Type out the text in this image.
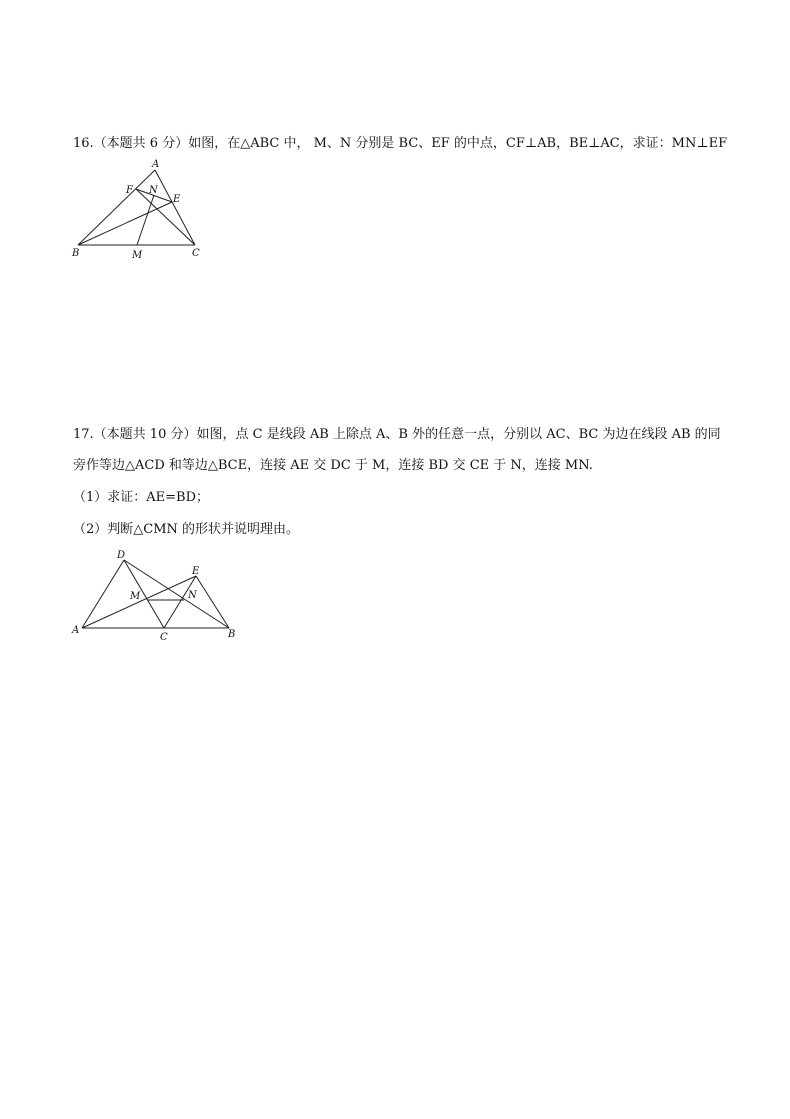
16.（本题共 6 分）如图，在△ABC 中， M、N 分别是 BC、EF 的中点，CF⊥AB，BE⊥AC，求证：MN⊥EF
A
F N
E
B	M	C
17.（本题共 10 分）如图，点 C 是线段 AB 上除点 A、B 外的任意一点，分别以 AC、BC 为边在线段 AB 的同
旁作等边△ACD 和等边△BCE，连接 AE 交 DC 于 M，连接 BD 交 CE 于 N，连接 MN.
（1）求证：AE=BD；
（2）判断△CMN 的形状并说明理由。
D
E
M	N
A
C	B
